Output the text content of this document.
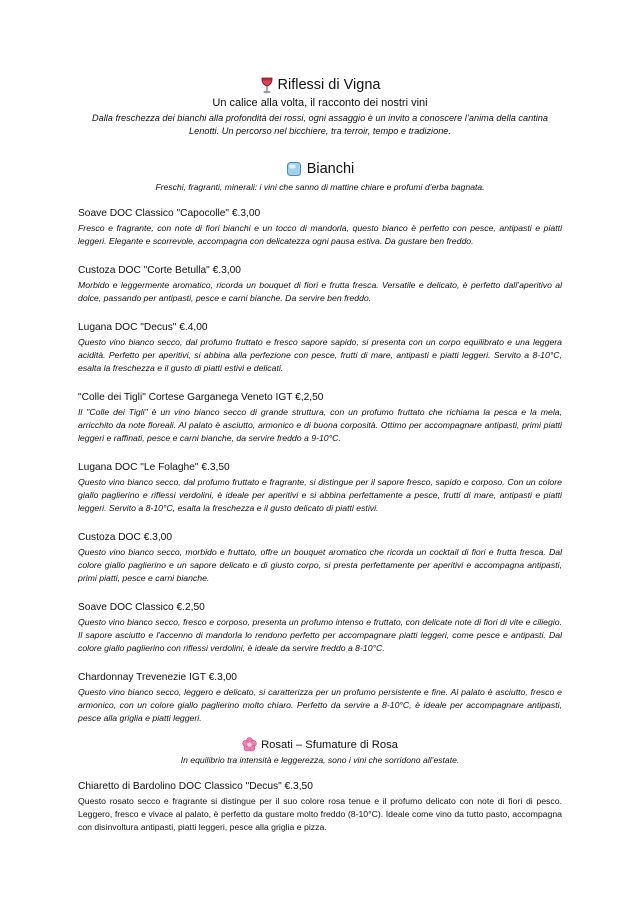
Riflessi di Vigna
Un calice alla volta, il racconto dei nostri vini
Dalla freschezza dei bianchi alla profondità dei rossi, ogni assaggio è un invito a conoscere l’anima della cantina Lenotti. Un percorso nel bicchiere, tra terroir, tempo e tradizione.
Bianchi
Freschi, fragranti, minerali: i vini che sanno di mattine chiare e profumi d’erba bagnata.
Soave DOC Classico "Capocolle" €.3,00
Fresco e fragrante, con note di fiori bianchi e un tocco di mandorla, questo bianco è perfetto con pesce, antipasti e piatti leggeri. Elegante e scorrevole, accompagna con delicatezza ogni pausa estiva. Da gustare ben freddo.
Custoza DOC "Corte Betulla" €.3,00
Morbido e leggermente aromatico, ricorda un bouquet di fiori e frutta fresca. Versatile e delicato, è perfetto dall’aperitivo al dolce, passando per antipasti, pesce e carni bianche. Da servire ben freddo.
Lugana DOC "Decus" €.4,00
Questo vino bianco secco, dal profumo fruttato e fresco sapore sapido, si presenta con un corpo equilibrato e una leggera acidità. Perfetto per aperitivi, si abbina alla perfezione con pesce, frutti di mare, antipasti e piatti leggeri. Servito a 8-10°C, esalta la freschezza e il gusto di piatti estivi e delicati.
"Colle dei Tigli" Cortese Garganega Veneto IGT €,2,50
Il "Colle dei Tigli" è un vino bianco secco di grande struttura, con un profumo fruttato che richiama la pesca e la mela, arricchito da note floreali. Al palato è asciutto, armonico e di buona corposità. Ottimo per accompagnare antipasti, primi piatti leggeri e raffinati, pesce e carni bianche, da servire freddo a 9-10°C.
Lugana DOC "Le Folaghe" €.3,50
Questo vino bianco secco, dal profumo fruttato e fragrante, si distingue per il sapore fresco, sapido e corposo. Con un colore giallo paglierino e riflessi verdolini, è ideale per aperitivi e si abbina perfettamente a pesce, frutti di mare, antipasti e piatti leggeri. Servito a 8-10°C, esalta la freschezza e il gusto delicato di piatti estivi.
Custoza DOC €.3,00
Questo vino bianco secco, morbido e fruttato, offre un bouquet aromatico che ricorda un cocktail di fiori e frutta fresca. Dal colore giallo paglierino e un sapore delicato e di giusto corpo, si presta perfettamente per aperitivi e accompagna antipasti, primi piatti, pesce e carni bianche.
Soave DOC Classico €.2,50
Questo vino bianco secco, fresco e corposo, presenta un profumo intenso e fruttato, con delicate note di fiori di vite e ciliegio. Il sapore asciutto e l'accenno di mandorla lo rendono perfetto per accompagnare piatti leggeri, come pesce e antipasti. Dal colore giallo paglierino con riflessi verdolini, è ideale da servire freddo a 8-10°C.
Chardonnay Trevenezie IGT €.3,00
Questo vino bianco secco, leggero e delicato, si caratterizza per un profumo persistente e fine. Al palato è asciutto, fresco e armonico, con un colore giallo paglierino molto chiaro. Perfetto da servire a 8-10°C, è ideale per accompagnare antipasti, pesce alla griglia e piatti leggeri.
Rosati – Sfumature di Rosa
In equilibrio tra intensità e leggerezza, sono i vini che sorridono all’estate.
Chiaretto di Bardolino DOC Classico "Decus" €.3,50
Questo rosato secco e fragrante si distingue per il suo colore rosa tenue e il profumo delicato con note di fiori di pesco. Leggero, fresco e vivace al palato, è perfetto da gustare molto freddo (8-10°C). Ideale come vino da tutto pasto, accompagna con disinvoltura antipasti, piatti leggeri, pesce alla griglia e pizza.
